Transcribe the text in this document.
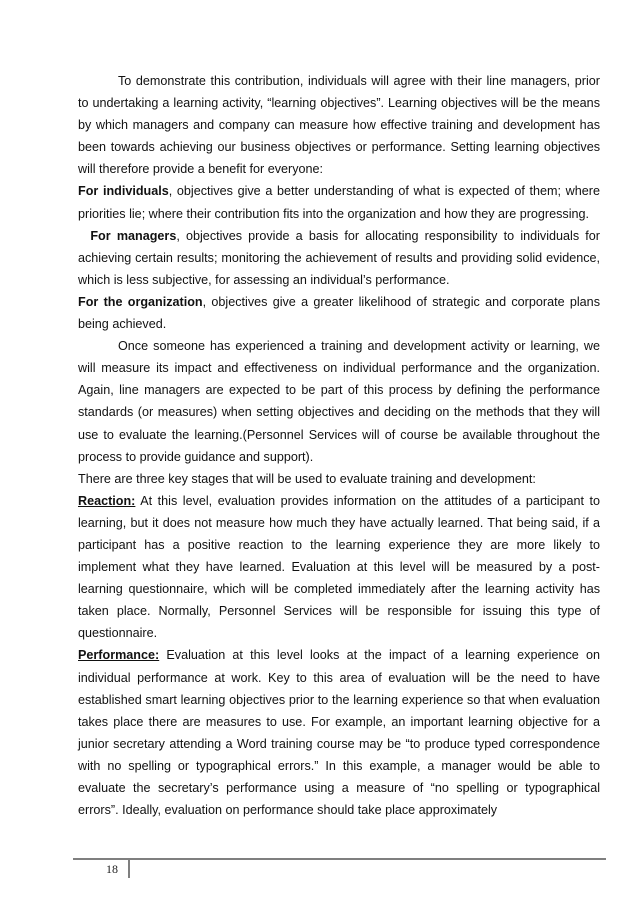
To demonstrate this contribution, individuals will agree with their line managers, prior to undertaking a learning activity, “learning objectives”. Learning objectives will be the means by which managers and company can measure how effective training and development has been towards achieving our business objectives or performance. Setting learning objectives will therefore provide a benefit for everyone:

For individuals, objectives give a better understanding of what is expected of them; where priorities lie; where their contribution fits into the organization and how they are progressing.

For managers, objectives provide a basis for allocating responsibility to individuals for achieving certain results; monitoring the achievement of results and providing solid evidence, which is less subjective, for assessing an individual’s performance.

For the organization, objectives give a greater likelihood of strategic and corporate plans being achieved.

Once someone has experienced a training and development activity or learning, we will measure its impact and effectiveness on individual performance and the organization. Again, line managers are expected to be part of this process by defining the performance standards (or measures) when setting objectives and deciding on the methods that they will use to evaluate the learning.(Personnel Services will of course be available throughout the process to provide guidance and support).

There are three key stages that will be used to evaluate training and development:

Reaction: At this level, evaluation provides information on the attitudes of a participant to learning, but it does not measure how much they have actually learned. That being said, if a participant has a positive reaction to the learning experience they are more likely to implement what they have learned. Evaluation at this level will be measured by a post-learning questionnaire, which will be completed immediately after the learning activity has taken place. Normally, Personnel Services will be responsible for issuing this type of questionnaire.

Performance: Evaluation at this level looks at the impact of a learning experience on individual performance at work. Key to this area of evaluation will be the need to have established smart learning objectives prior to the learning experience so that when evaluation takes place there are measures to use. For example, an important learning objective for a junior secretary attending a Word training course may be “to produce typed correspondence with no spelling or typographical errors.” In this example, a manager would be able to evaluate the secretary’s performance using a measure of “no spelling or typographical errors”. Ideally, evaluation on performance should take place approximately

18
